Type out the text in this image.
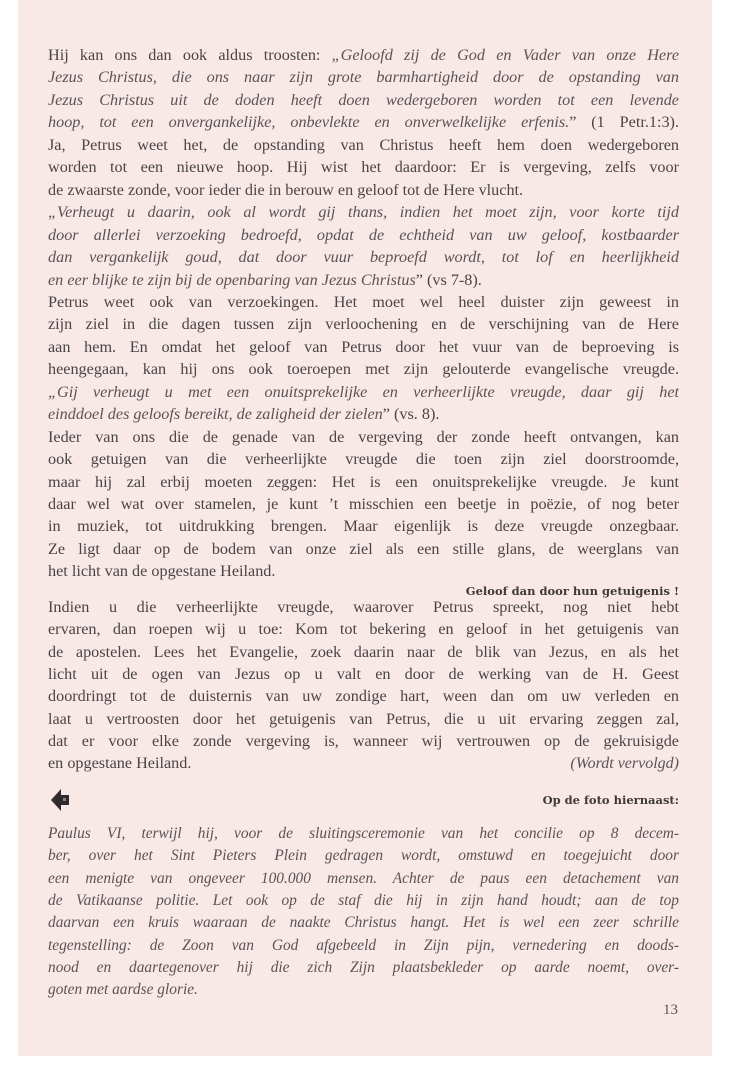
Hij kan ons dan ook aldus troosten: „Geloofd zij de God en Vader van onze Here
Jezus Christus, die ons naar zijn grote barmhartigheid door de opstanding van
Jezus Christus uit de doden heeft doen wedergeboren worden tot een levende
hoop, tot een onvergankelijke, onbevlekte en onverwelkelijke erfenis.” (1 Petr.1:3).
Ja, Petrus weet het, de opstanding van Christus heeft hem doen wedergeboren
worden tot een nieuwe hoop. Hij wist het daardoor: Er is vergeving, zelfs voor
de zwaarste zonde, voor ieder die in berouw en geloof tot de Here vlucht.
„Verheugt u daarin, ook al wordt gij thans, indien het moet zijn, voor korte tijd
door allerlei verzoeking bedroefd, opdat de echtheid van uw geloof, kostbaarder
dan vergankelijk goud, dat door vuur beproefd wordt, tot lof en heerlijkheid
en eer blijke te zijn bij de openbaring van Jezus Christus” (vs 7-8).
Petrus weet ook van verzoekingen. Het moet wel heel duister zijn geweest in
zijn ziel in die dagen tussen zijn verloochening en de verschijning van de Here
aan hem. En omdat het geloof van Petrus door het vuur van de beproeving is
heengegaan, kan hij ons ook toeroepen met zijn gelouterde evangelische vreugde.
„Gij verheugt u met een onuitsprekelijke en verheerlijkte vreugde, daar gij het
einddoel des geloofs bereikt, de zaligheid der zielen” (vs. 8).
Ieder van ons die de genade van de vergeving der zonde heeft ontvangen, kan
ook getuigen van die verheerlijkte vreugde die toen zijn ziel doorstroomde,
maar hij zal erbij moeten zeggen: Het is een onuitsprekelijke vreugde. Je kunt
daar wel wat over stamelen, je kunt ’t misschien een beetje in poëzie, of nog beter
in muziek, tot uitdrukking brengen. Maar eigenlijk is deze vreugde onzegbaar.
Ze ligt daar op de bodem van onze ziel als een stille glans, de weerglans van
het licht van de opgestane Heiland.
Geloof dan door hun getuigenis !
Indien u die verheerlijkte vreugde, waarover Petrus spreekt, nog niet hebt
ervaren, dan roepen wij u toe: Kom tot bekering en geloof in het getuigenis van
de apostelen. Lees het Evangelie, zoek daarin naar de blik van Jezus, en als het
licht uit de ogen van Jezus op u valt en door de werking van de H. Geest
doordringt tot de duisternis van uw zondige hart, ween dan om uw verleden en
laat u vertroosten door het getuigenis van Petrus, die u uit ervaring zeggen zal,
dat er voor elke zonde vergeving is, wanneer wij vertrouwen op de gekruisigde
en opgestane Heiland.	(Wordt vervolgd)
Op de foto hiernaast:
Paulus VI, terwijl hij, voor de sluitingsceremonie van het concilie op 8 decem-
ber, over het Sint Pieters Plein gedragen wordt, omstuwd en toegejuicht door
een menigte van ongeveer 100.000 mensen. Achter de paus een detachement van
de Vatikaanse politie. Let ook op de staf die hij in zijn hand houdt; aan de top
daarvan een kruis waaraan de naakte Christus hangt. Het is wel een zeer schrille
tegenstelling: de Zoon van God afgebeeld in Zijn pijn, vernedering en doods-
nood en daartegenover hij die zich Zijn plaatsbekleder op aarde noemt, over-
goten met aardse glorie.
13
